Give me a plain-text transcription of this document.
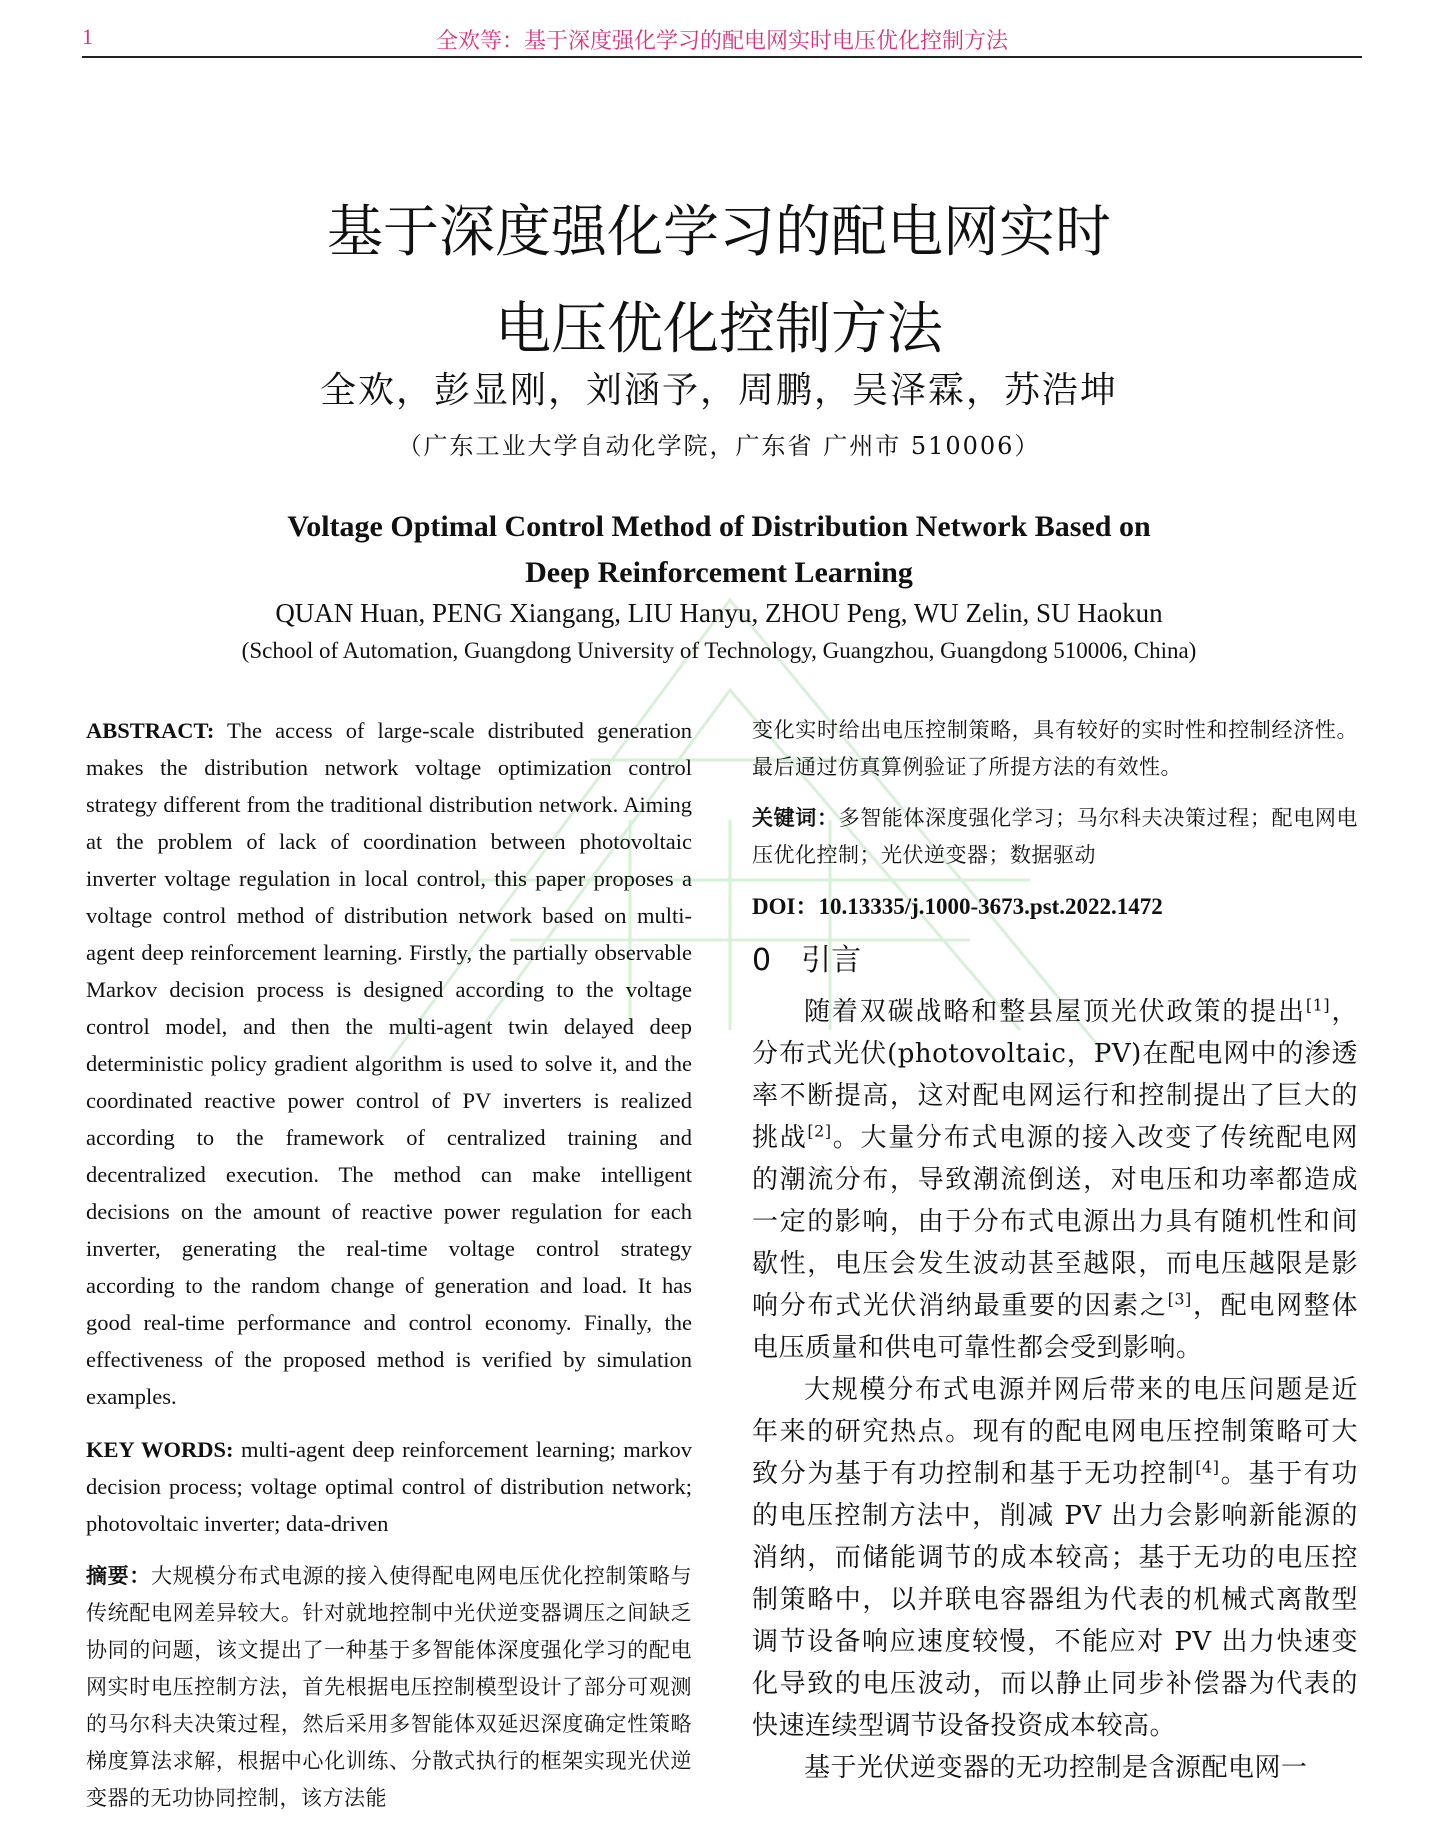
1	全欢等：基于深度强化学习的配电网实时电压优化控制方法
基于深度强化学习的配电网实时
电压优化控制方法
全欢，彭显刚，刘涵予，周鹏，吴泽霖，苏浩坤
（广东工业大学自动化学院，广东省 广州市 510006）
Voltage Optimal Control Method of Distribution Network Based on
Deep Reinforcement Learning
QUAN Huan, PENG Xiangang, LIU Hanyu, ZHOU Peng, WU Zelin, SU Haokun
(School of Automation, Guangdong University of Technology, Guangzhou, Guangdong 510006, China)

ABSTRACT: The access of large-scale distributed generation makes the distribution network voltage optimization control strategy different from the traditional distribution network. Aiming at the problem of lack of coordination between photovoltaic inverter voltage regulation in local control, this paper proposes a voltage control method of distribution network based on multi-agent deep reinforcement learning. Firstly, the partially observable Markov decision process is designed according to the voltage control model, and then the multi-agent twin delayed deep deterministic policy gradient algorithm is used to solve it, and the coordinated reactive power control of PV inverters is realized according to the framework of centralized training and decentralized execution. The method can make intelligent decisions on the amount of reactive power regulation for each inverter, generating the real-time voltage control strategy according to the random change of generation and load. It has good real-time performance and control economy. Finally, the effectiveness of the proposed method is verified by simulation examples.

KEY WORDS: multi-agent deep reinforcement learning; markov decision process; voltage optimal control of distribution network; photovoltaic inverter; data-driven

摘要：大规模分布式电源的接入使得配电网电压优化控制策略与传统配电网差异较大。针对就地控制中光伏逆变器调压之间缺乏协同的问题，该文提出了一种基于多智能体深度强化学习的配电网实时电压控制方法，首先根据电压控制模型设计了部分可观测的马尔科夫决策过程，然后采用多智能体双延迟深度确定性策略梯度算法求解，根据中心化训练、分散式执行的框架实现光伏逆变器的无功协同控制，该方法能

变化实时给出电压控制策略，具有较好的实时性和控制经济性。最后通过仿真算例验证了所提方法的有效性。

关键词：多智能体深度强化学习；马尔科夫决策过程；配电网电压优化控制；光伏逆变器；数据驱动

DOI：10.13335/j.1000-3673.pst.2022.1472
0 引言

随着双碳战略和整县屋顶光伏政策的提出[1]，分布式光伏(photovoltaic，PV)在配电网中的渗透率不断提高，这对配电网运行和控制提出了巨大的挑战[2]。大量分布式电源的接入改变了传统配电网的潮流分布，导致潮流倒送，对电压和功率都造成一定的影响，由于分布式电源出力具有随机性和间歇性，电压会发生波动甚至越限，而电压越限是影响分布式光伏消纳最重要的因素之[3]，配电网整体电压质量和供电可靠性都会受到影响。

大规模分布式电源并网后带来的电压问题是近年来的研究热点。现有的配电网电压控制策略可大致分为基于有功控制和基于无功控制[4]。基于有功的电压控制方法中，削减 PV 出力会影响新能源的消纳，而储能调节的成本较高；基于无功的电压控制策略中，以并联电容器组为代表的机械式离散型调节设备响应速度较慢，不能应对 PV 出力快速变化导致的电压波动，而以静止同步补偿器为代表的快速连续型调节设备投资成本较高。

基于光伏逆变器的无功控制是含源配电网一
